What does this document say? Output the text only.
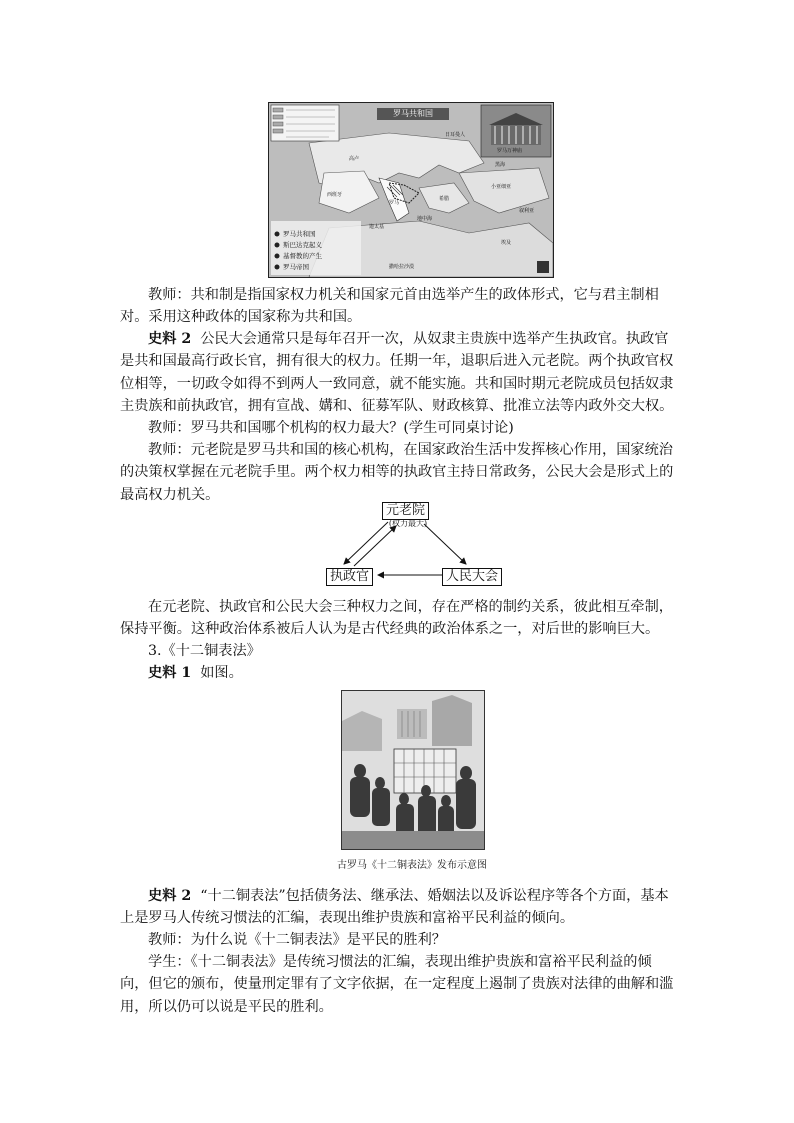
罗马共和国
罗马万神庙
日耳曼人
高卢
西班牙
罗马
地中海
迦太基
希腊
小亚细亚
叙利亚
埃及
撒哈拉沙漠
黑海
罗马共和国
斯巴达克起义
基督教的产生
罗马帝国

教师：共和制是指国家权力机关和国家元首由选举产生的政体形式，它与君主制相对。采用这种政体的国家称为共和国。

史料 2 公民大会通常只是每年召开一次，从奴隶主贵族中选举产生执政官。执政官是共和国最高行政长官，拥有很大的权力。任期一年，退职后进入元老院。两个执政官权位相等，一切政令如得不到两人一致同意，就不能实施。共和国时期元老院成员包括奴隶主贵族和前执政官，拥有宣战、媾和、征募军队、财政核算、批准立法等内政外交大权。

教师：罗马共和国哪个机构的权力最大？(学生可同桌讨论)

教师：元老院是罗马共和国的核心机构，在国家政治生活中发挥核心作用，国家统治的决策权掌握在元老院手里。两个权力相等的执政官主持日常政务，公民大会是形式上的最高权力机关。

元老院
(权力最大)
执政官	人民大会

在元老院、执政官和公民大会三种权力之间，存在严格的制约关系，彼此相互牵制，保持平衡。这种政治体系被后人认为是古代经典的政治体系之一，对后世的影响巨大。

3.《十二铜表法》

史料 1 如图。

古罗马《十二铜表法》发布示意图

史料 2 “十二铜表法”包括债务法、继承法、婚姻法以及诉讼程序等各个方面，基本上是罗马人传统习惯法的汇编，表现出维护贵族和富裕平民利益的倾向。

教师：为什么说《十二铜表法》是平民的胜利？

学生：《十二铜表法》是传统习惯法的汇编，表现出维护贵族和富裕平民利益的倾向，但它的颁布，使量刑定罪有了文字依据，在一定程度上遏制了贵族对法律的曲解和滥用，所以仍可以说是平民的胜利。
